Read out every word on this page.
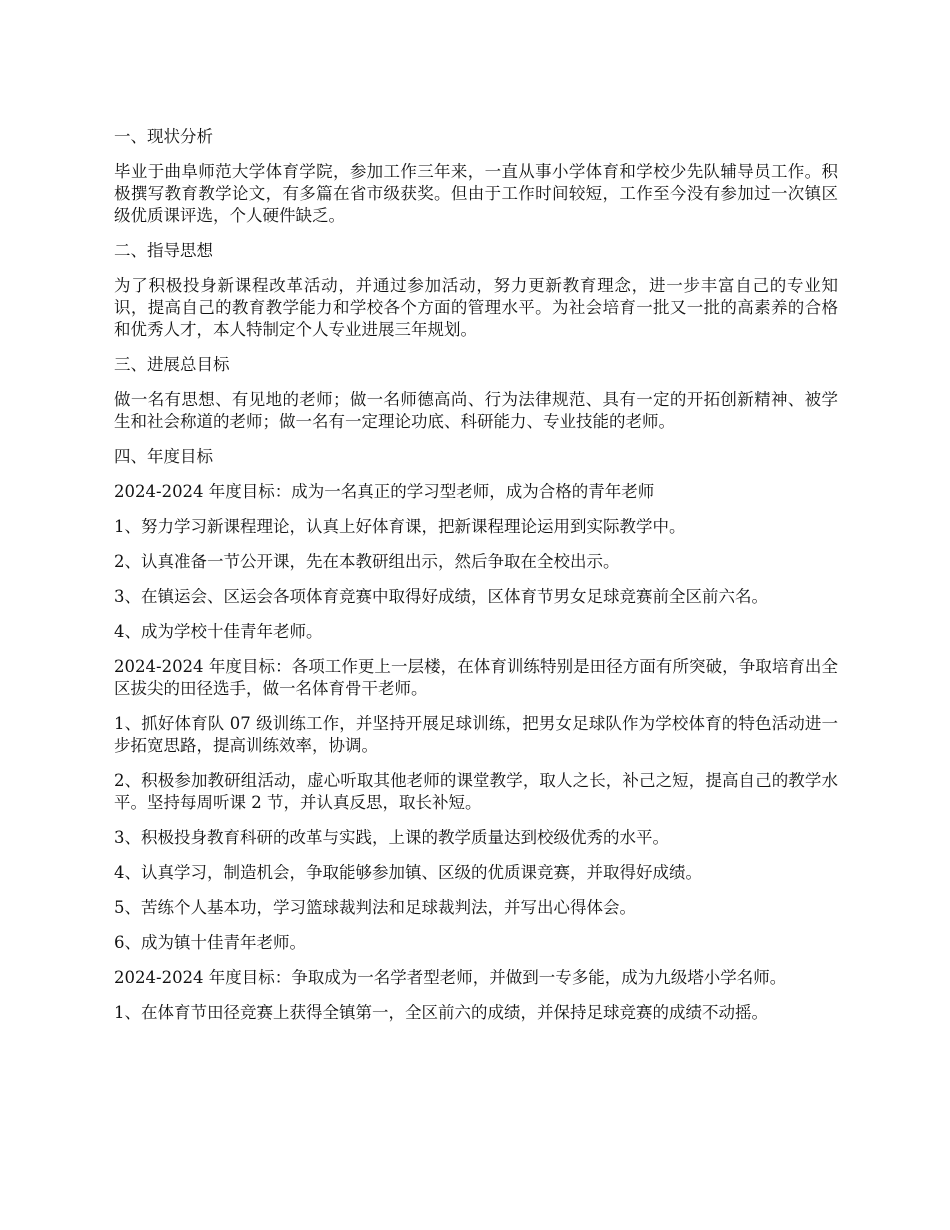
一、现状分析

毕业于曲阜师范大学体育学院，参加工作三年来，一直从事小学体育和学校少先队辅导员工作。积极撰写教育教学论文，有多篇在省市级获奖。但由于工作时间较短，工作至今没有参加过一次镇区级优质课评选，个人硬件缺乏。

二、指导思想

为了积极投身新课程改革活动，并通过参加活动，努力更新教育理念，进一步丰富自己的专业知识，提高自己的教育教学能力和学校各个方面的管理水平。为社会培育一批又一批的高素养的合格和优秀人才，本人特制定个人专业进展三年规划。

三、进展总目标

做一名有思想、有见地的老师；做一名师德高尚、行为法律规范、具有一定的开拓创新精神、被学生和社会称道的老师；做一名有一定理论功底、科研能力、专业技能的老师。

四、年度目标

2024-2024 年度目标：成为一名真正的学习型老师，成为合格的青年老师

1、努力学习新课程理论，认真上好体育课，把新课程理论运用到实际教学中。

2、认真准备一节公开课，先在本教研组出示，然后争取在全校出示。

3、在镇运会、区运会各项体育竞赛中取得好成绩，区体育节男女足球竞赛前全区前六名。

4、成为学校十佳青年老师。

2024-2024 年度目标：各项工作更上一层楼，在体育训练特别是田径方面有所突破，争取培育出全区拔尖的田径选手，做一名体育骨干老师。

1、抓好体育队 07 级训练工作，并坚持开展足球训练，把男女足球队作为学校体育的特色活动进一步拓宽思路，提高训练效率，协调。

2、积极参加教研组活动，虚心听取其他老师的课堂教学，取人之长，补己之短，提高自己的教学水平。坚持每周听课 2 节，并认真反思，取长补短。

3、积极投身教育科研的改革与实践，上课的教学质量达到校级优秀的水平。

4、认真学习，制造机会，争取能够参加镇、区级的优质课竞赛，并取得好成绩。

5、苦练个人基本功，学习篮球裁判法和足球裁判法，并写出心得体会。

6、成为镇十佳青年老师。

2024-2024 年度目标：争取成为一名学者型老师，并做到一专多能，成为九级塔小学名师。

1、在体育节田径竞赛上获得全镇第一，全区前六的成绩，并保持足球竞赛的成绩不动摇。
